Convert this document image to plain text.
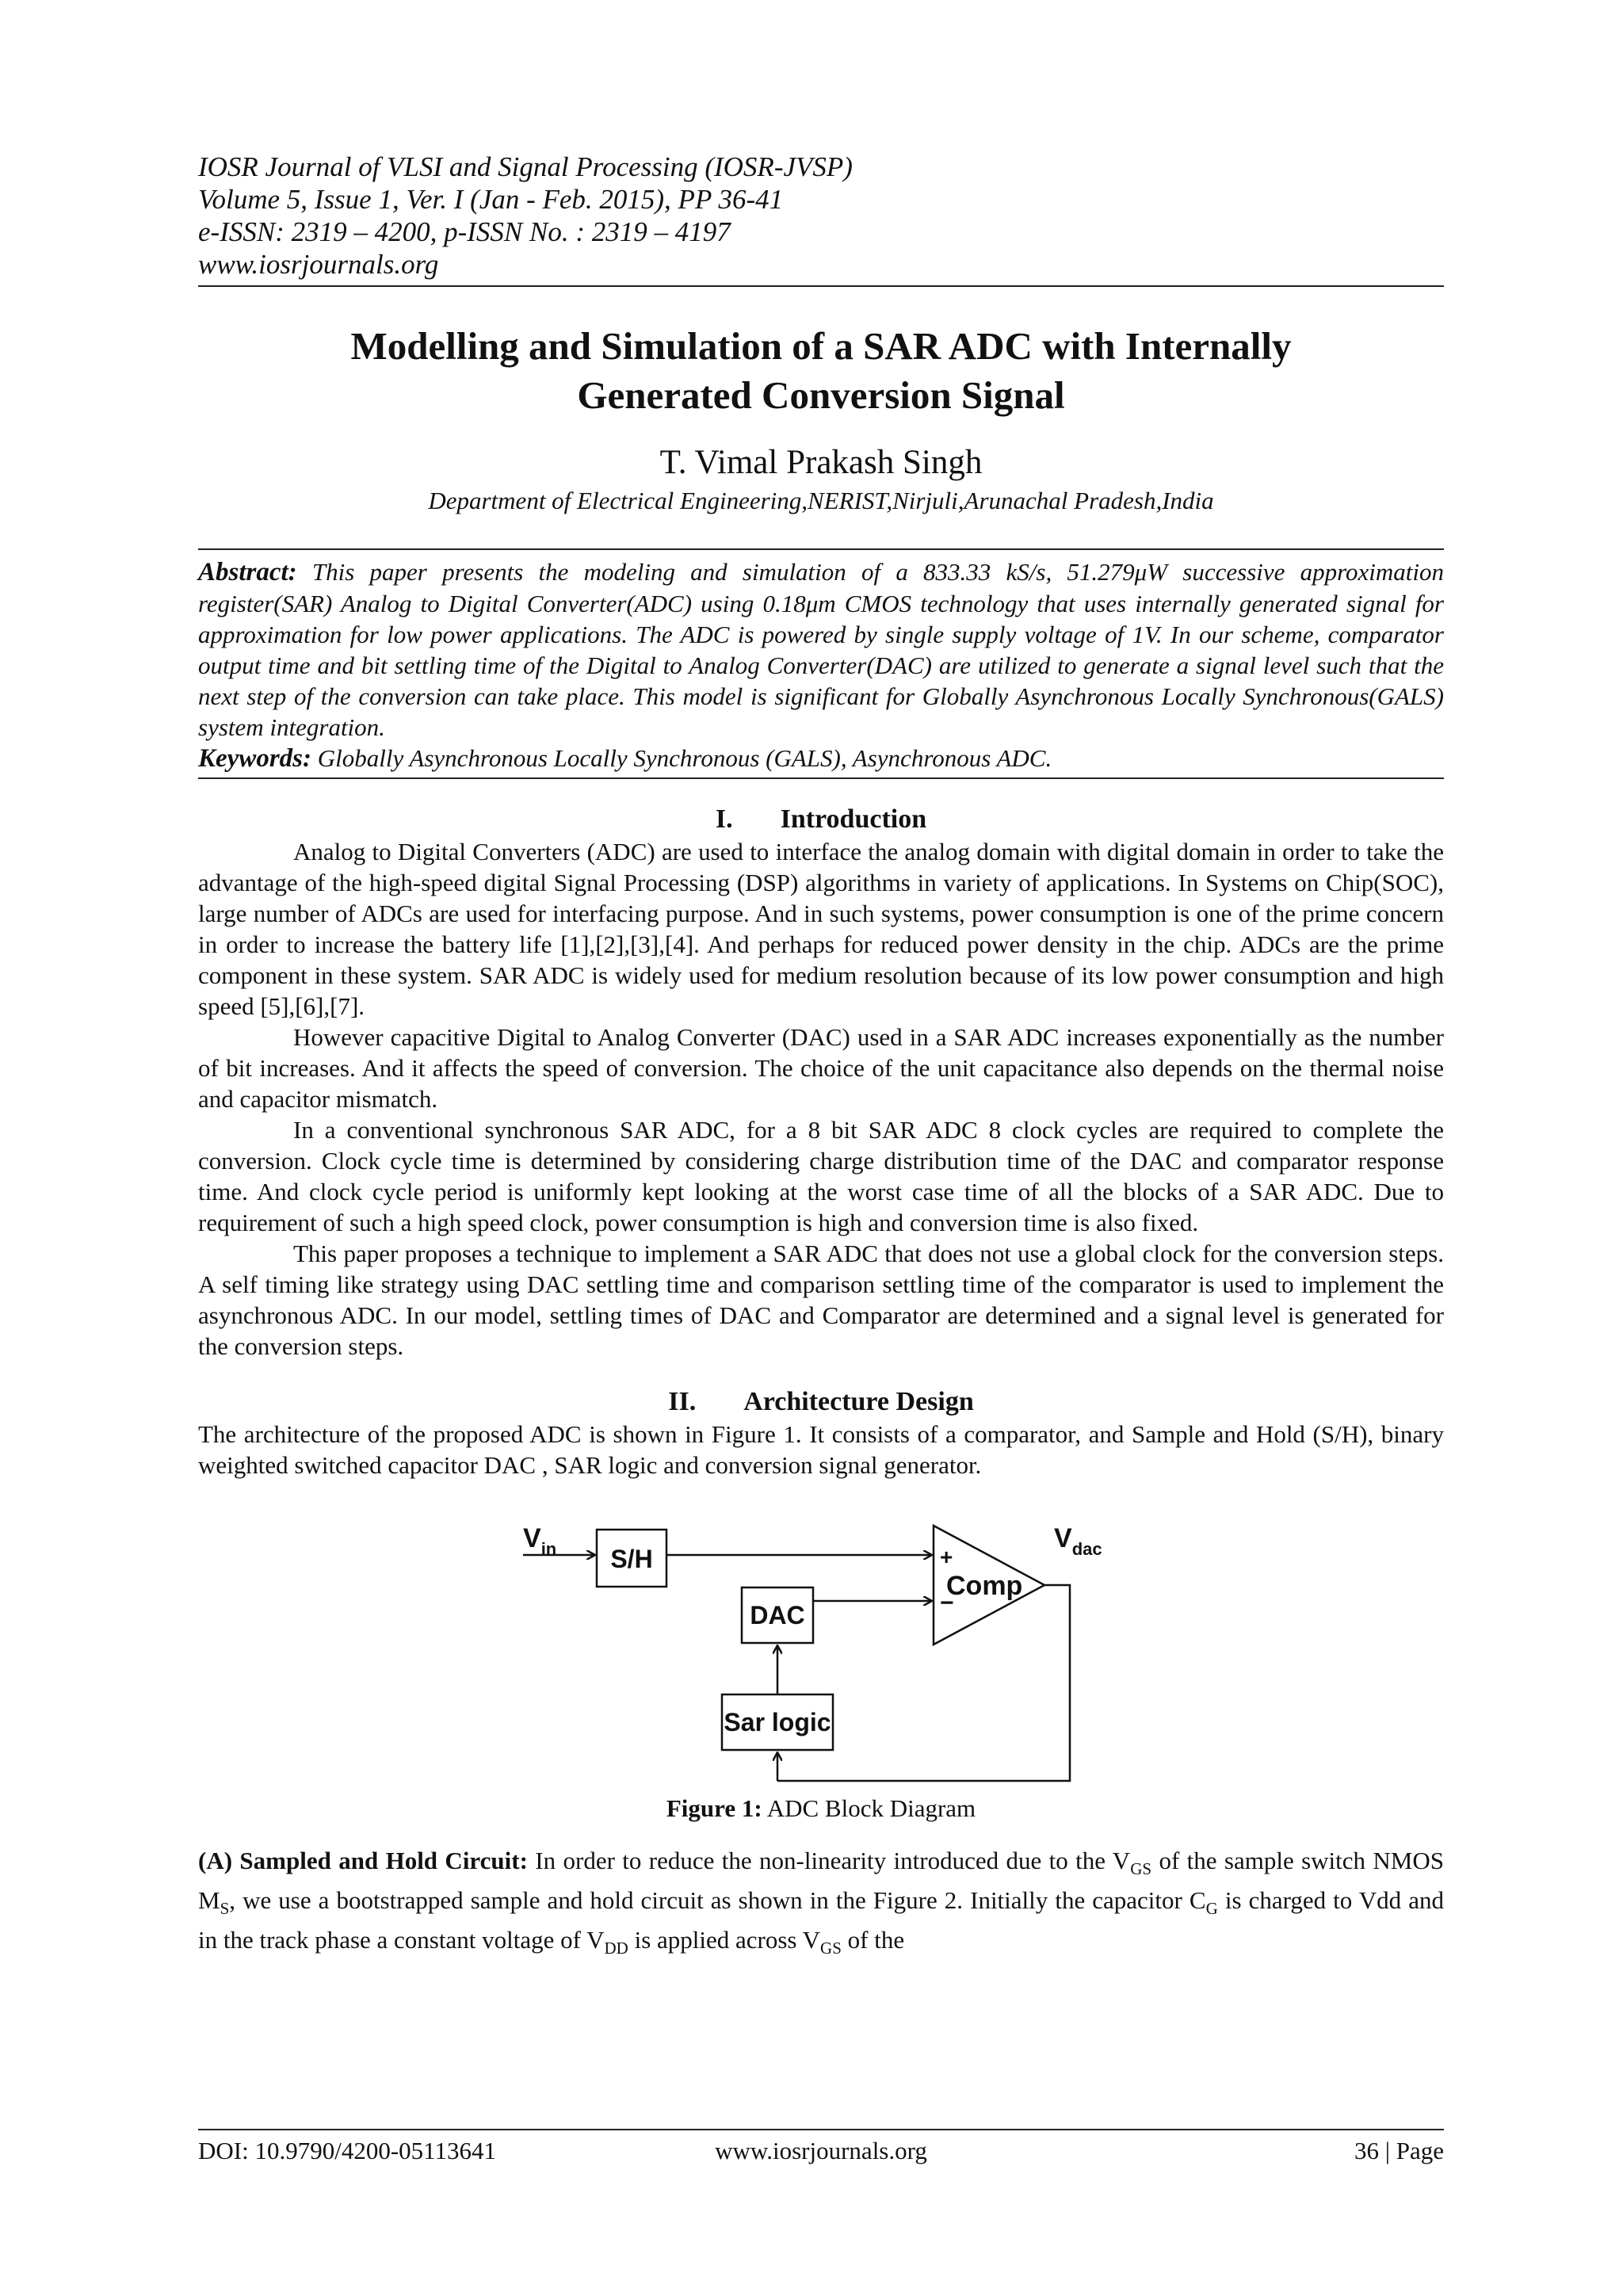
IOSR Journal of VLSI and Signal Processing (IOSR-JVSP)
Volume 5, Issue 1, Ver. I (Jan - Feb. 2015), PP 36-41
e-ISSN: 2319 – 4200, p-ISSN No. : 2319 – 4197
www.iosrjournals.org
Modelling and Simulation of a SAR ADC with Internally
Generated Conversion Signal
T. Vimal Prakash Singh
Department of Electrical Engineering,NERIST,Nirjuli,Arunachal Pradesh,India
Abstract: This paper presents the modeling and simulation of a 833.33 kS/s, 51.279μW successive approximation register(SAR) Analog to Digital Converter(ADC) using 0.18μm CMOS technology that uses internally generated signal for approximation for low power applications. The ADC is powered by single supply voltage of 1V. In our scheme, comparator output time and bit settling time of the Digital to Analog Converter(DAC) are utilized to generate a signal level such that the next step of the conversion can take place. This model is significant for Globally Asynchronous Locally Synchronous(GALS) system integration.
Keywords: Globally Asynchronous Locally Synchronous (GALS), Asynchronous ADC.
I. Introduction

Analog to Digital Converters (ADC) are used to interface the analog domain with digital domain in order to take the advantage of the high-speed digital Signal Processing (DSP) algorithms in variety of applications. In Systems on Chip(SOC), large number of ADCs are used for interfacing purpose. And in such systems, power consumption is one of the prime concern in order to increase the battery life [1],[2],[3],[4]. And perhaps for reduced power density in the chip. ADCs are the prime component in these system. SAR ADC is widely used for medium resolution because of its low power consumption and high speed [5],[6],[7].

However capacitive Digital to Analog Converter (DAC) used in a SAR ADC increases exponentially as the number of bit increases. And it affects the speed of conversion. The choice of the unit capacitance also depends on the thermal noise and capacitor mismatch.

In a conventional synchronous SAR ADC, for a 8 bit SAR ADC 8 clock cycles are required to complete the conversion. Clock cycle time is determined by considering charge distribution time of the DAC and comparator response time. And clock cycle period is uniformly kept looking at the worst case time of all the blocks of a SAR ADC. Due to requirement of such a high speed clock, power consumption is high and conversion time is also fixed.

This paper proposes a technique to implement a SAR ADC that does not use a global clock for the conversion steps. A self timing like strategy using DAC settling time and comparison settling time of the comparator is used to implement the asynchronous ADC. In our model, settling times of DAC and Comparator are determined and a signal level is generated for the conversion steps.

II. Architecture Design

The architecture of the proposed ADC is shown in Figure 1. It consists of a comparator, and Sample and Hold (S/H), binary weighted switched capacitor DAC , SAR logic and conversion signal generator.

$V_{in}$ S/H	+
−
Comp
DAC
$V_{dac}$
Sar logic
Figure 1: ADC Block Diagram

(A) Sampled and Hold Circuit: In order to reduce the non-linearity introduced due to the $V_{GS}$ of the sample switch NMOS $M_S$, we use a bootstrapped sample and hold circuit as shown in the Figure 2. Initially the capacitor $C_G$ is charged to Vdd and in the track phase a constant voltage of $V_{DD}$ is applied across $V_{GS}$ of the

DOI: 10.9790/4200-05113641	www.iosrjournals.org	36 | Page
